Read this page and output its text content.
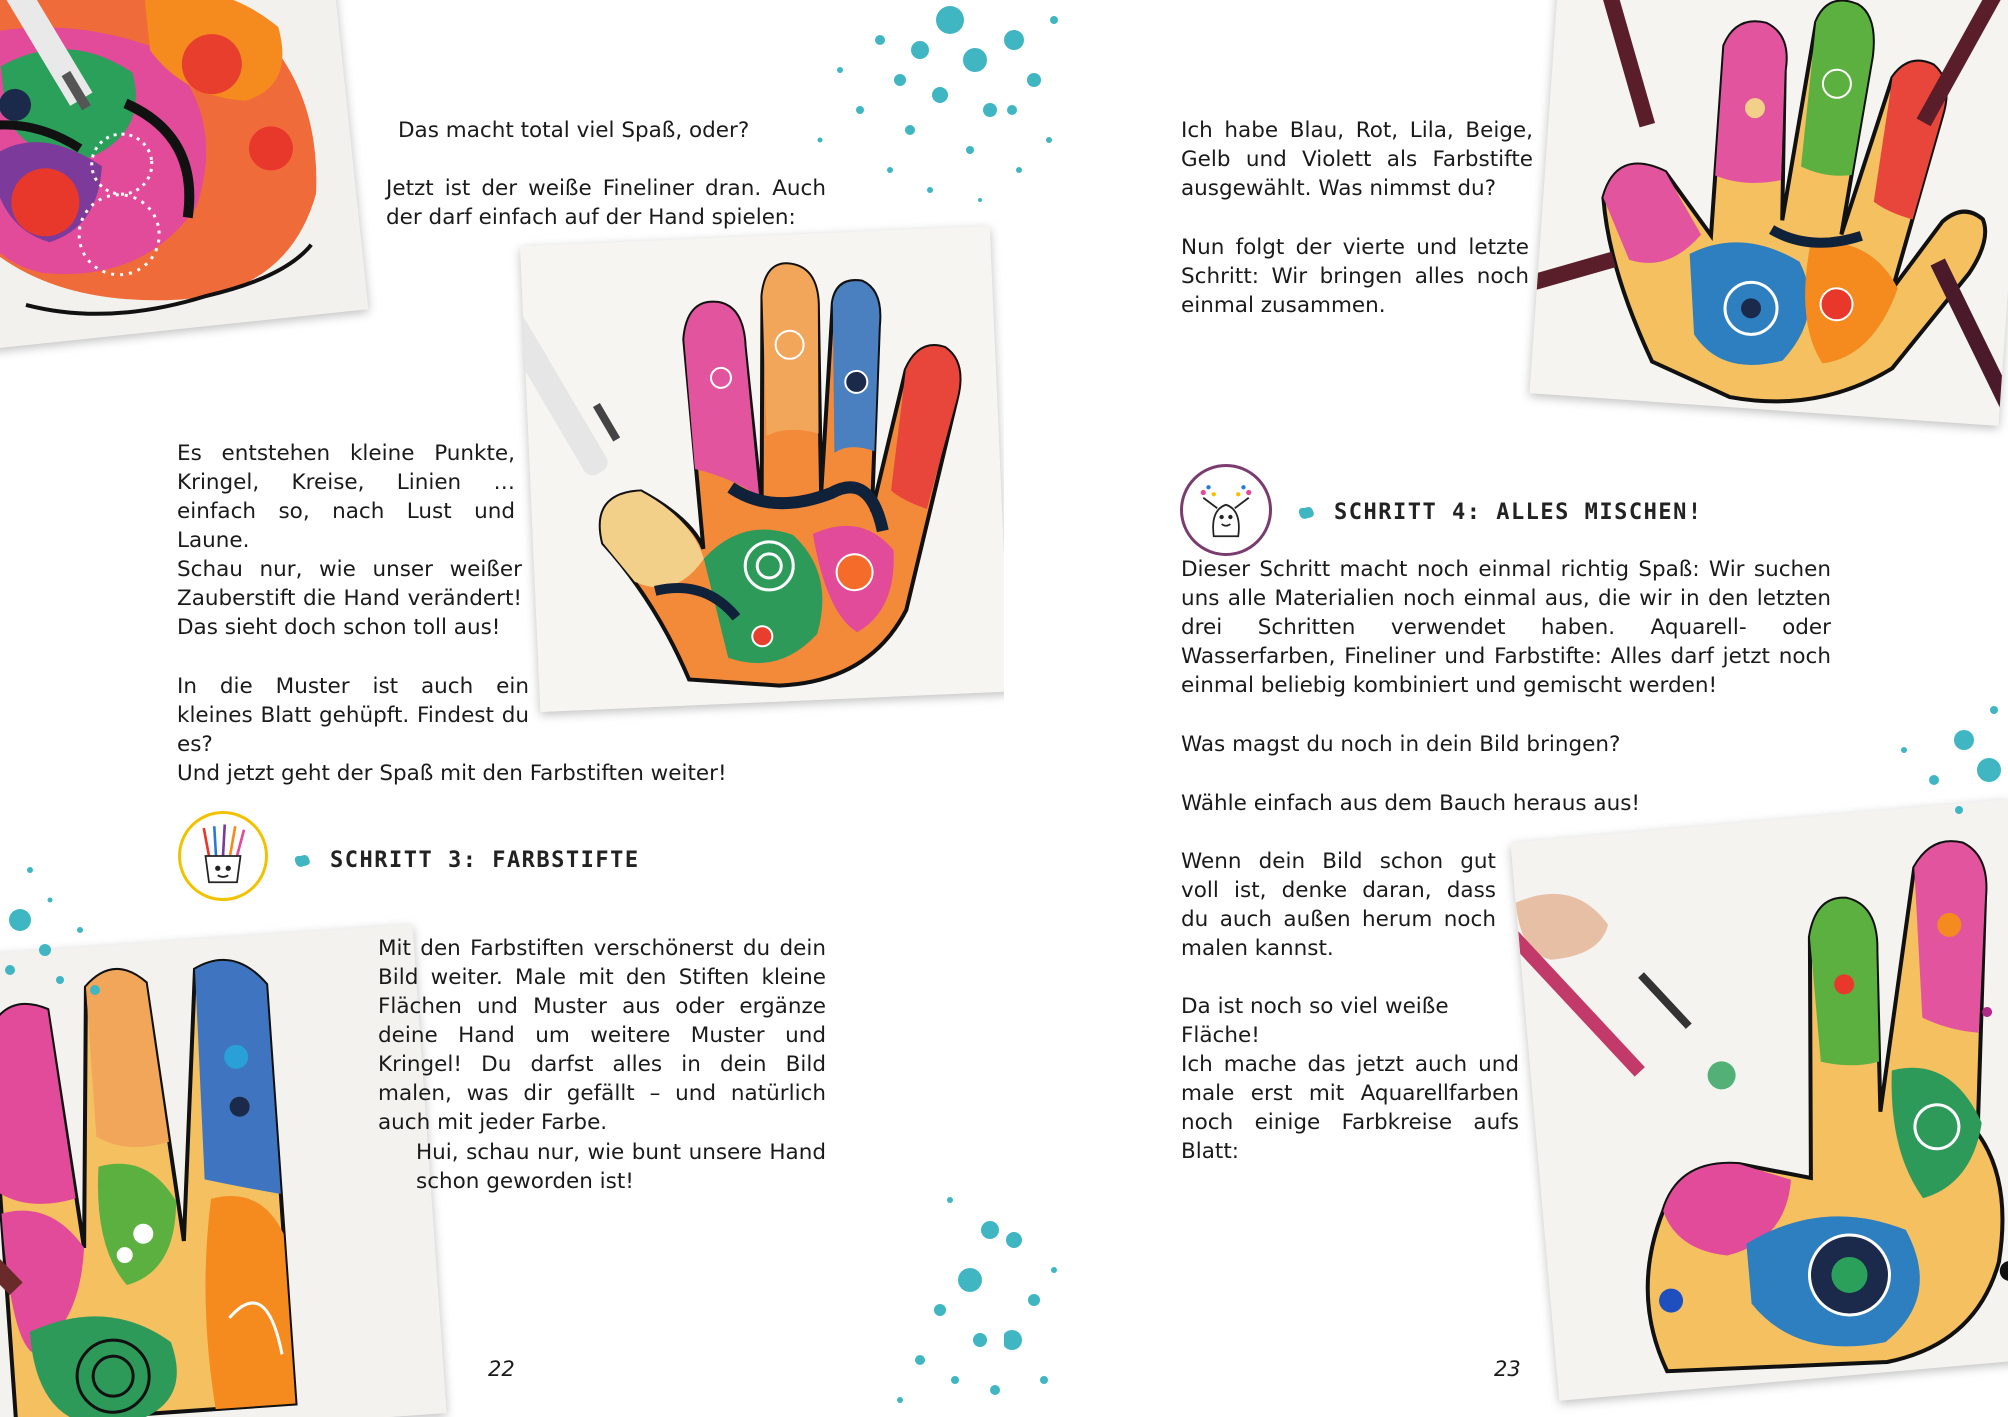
Das macht total viel Spaß, oder?

Jetzt ist der weiße Fineliner dran. Auch der darf einfach auf der Hand spielen:

Es entstehen kleine Punkte, Kringel, Kreise, Linien … einfach so, nach Lust und Laune.

Schau nur, wie unser weißer Zauberstift die Hand verändert! Das sieht doch schon toll aus!

In die Muster ist auch ein kleines Blatt gehüpft. Findest du es?

Und jetzt geht der Spaß mit den Farbstiften weiter!

SCHRITT 3: FARBSTIFTE

Mit den Farbstiften verschönerst du dein Bild weiter. Male mit den Stiften kleine Flächen und Muster aus oder ergänze deine Hand um weitere Muster und Kringel! Du darfst alles in dein Bild malen, was dir gefällt – und natürlich auch mit jeder Farbe.

Hui, schau nur, wie bunt unsere Hand schon geworden ist!

22

Ich habe Blau, Rot, Lila, Beige, Gelb und Violett als Farbstifte ausgewählt. Was nimmst du?

Nun folgt der vierte und letzte Schritt: Wir bringen alles noch einmal zusammen.

SCHRITT 4: ALLES MISCHEN!

Dieser Schritt macht noch einmal richtig Spaß: Wir suchen uns alle Materialien noch einmal aus, die wir in den letzten drei Schritten verwendet haben. Aquarell- oder Wasserfarben, Fineliner und Farbstifte: Alles darf jetzt noch einmal beliebig kombiniert und gemischt werden!

Was magst du noch in dein Bild bringen?

Wähle einfach aus dem Bauch heraus aus!

Wenn dein Bild schon gut voll ist, denke daran, dass du auch außen herum noch malen kannst.

Da ist noch so viel weiße Fläche!

Ich mache das jetzt auch und male erst mit Aquarellfarben noch einige Farbkreise aufs Blatt:

23
